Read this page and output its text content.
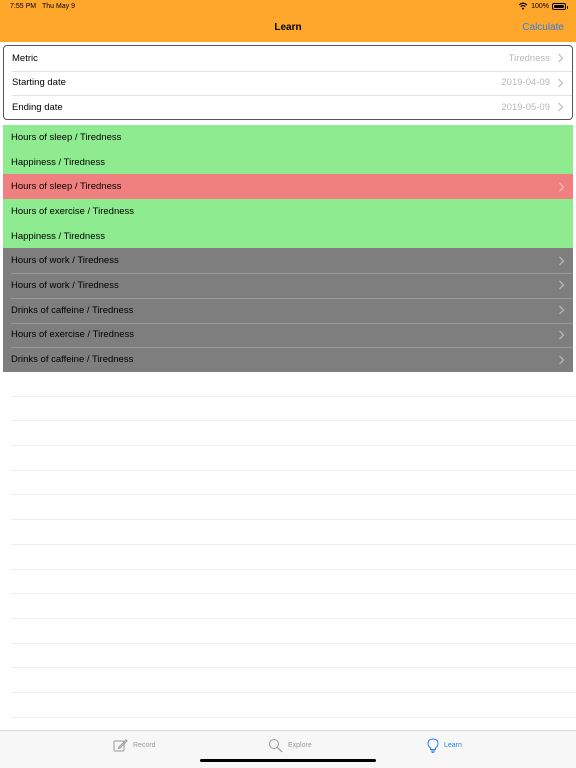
7:55 PM Thu May 9	100%
Learn	Calculate
Metric	Tiredness
Starting date	2019-04-09
Ending date	2019-05-09
Hours of sleep / Tiredness
Happiness / Tiredness
Hours of sleep / Tiredness
Hours of exercise / Tiredness
Happiness / Tiredness
Hours of work / Tiredness
Hours of work / Tiredness
Drinks of caffeine / Tiredness
Hours of exercise / Tiredness
Drinks of caffeine / Tiredness
Record	Explore	Learn
